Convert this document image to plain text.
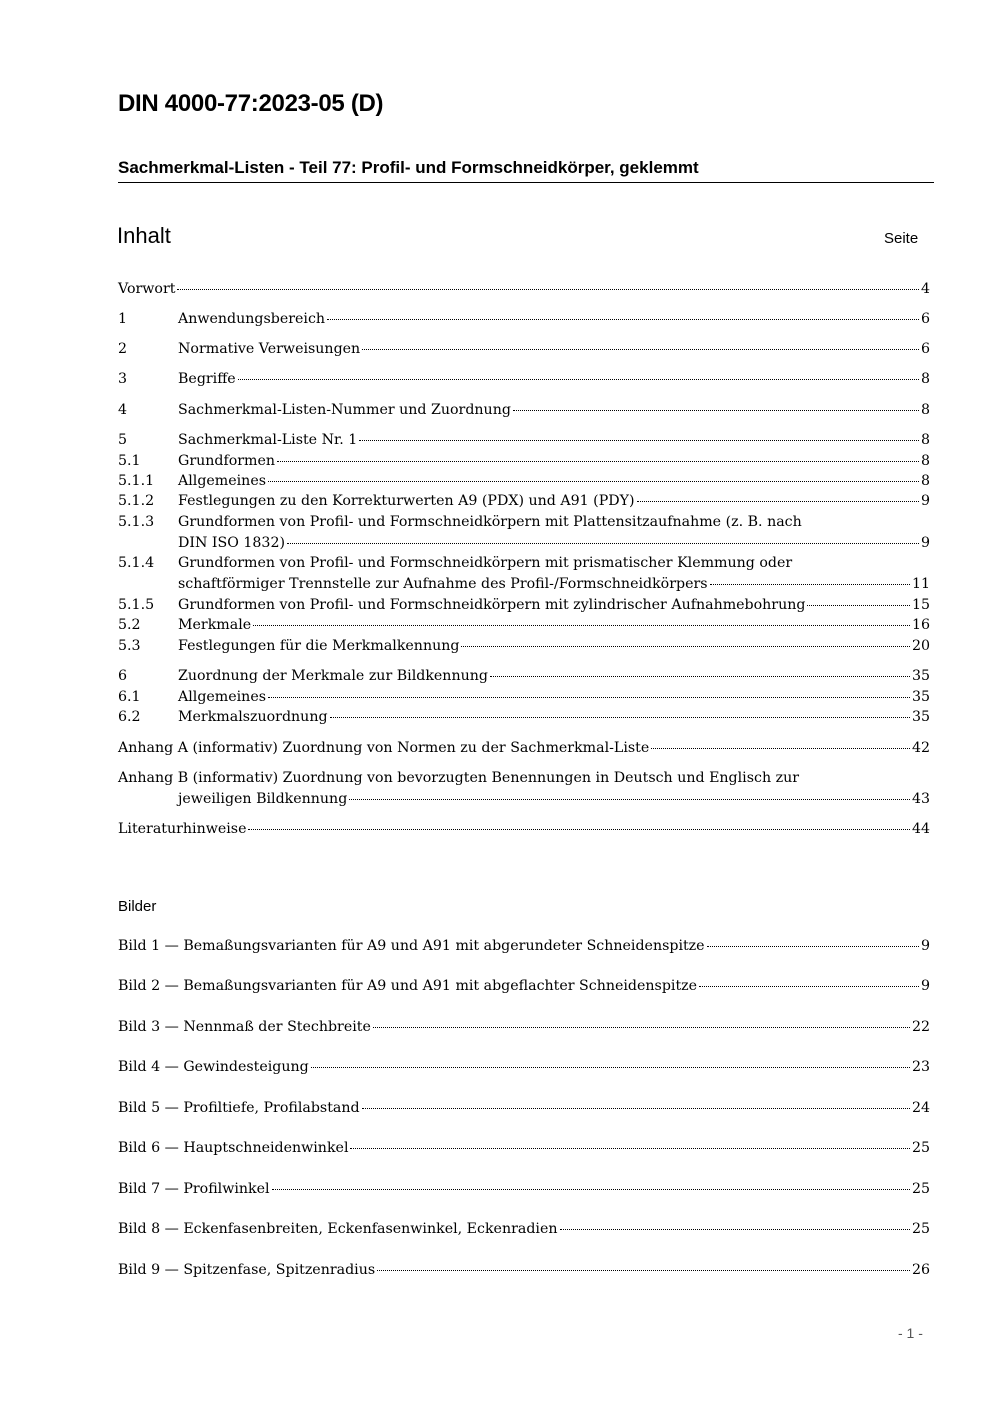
DIN 4000-77:2023-05 (D)
Sachmerkmal-Listen - Teil 77: Profil- und Formschneidkörper, geklemmt
Inhalt	Seite
Vorwort	4
1	Anwendungsbereich	6
2	Normative Verweisungen	6
3	Begriffe	8
4	Sachmerkmal-Listen-Nummer und Zuordnung	8
5	Sachmerkmal-Liste Nr. 1	8
5.1	Grundformen	8
5.1.1	Allgemeines	8
5.1.2	Festlegungen zu den Korrekturwerten A9 (PDX) und A91 (PDY)	9
5.1.3	Grundformen von Profil- und Formschneidkörpern mit Plattensitzaufnahme (z. B. nach
DIN ISO 1832)	9
5.1.4	Grundformen von Profil- und Formschneidkörpern mit prismatischer Klemmung oder
schaftförmiger Trennstelle zur Aufnahme des Profil-/Formschneidkörpers	11
5.1.5	Grundformen von Profil- und Formschneidkörpern mit zylindrischer Aufnahmebohrung	15
5.2	Merkmale	16
5.3	Festlegungen für die Merkmalkennung	20
6	Zuordnung der Merkmale zur Bildkennung	35
6.1	Allgemeines	35
6.2	Merkmalszuordnung	35
Anhang A (informativ) Zuordnung von Normen zu der Sachmerkmal-Liste	42
Anhang B (informativ) Zuordnung von bevorzugten Benennungen in Deutsch und Englisch zur
jeweiligen Bildkennung	43
Literaturhinweise	44
Bilder
Bild 1 — Bemaßungsvarianten für A9 und A91 mit abgerundeter Schneidenspitze	9
Bild 2 — Bemaßungsvarianten für A9 und A91 mit abgeflachter Schneidenspitze	9
Bild 3 — Nennmaß der Stechbreite	22
Bild 4 — Gewindesteigung	23
Bild 5 — Profiltiefe, Profilabstand	24
Bild 6 — Hauptschneidenwinkel	25
Bild 7 — Profilwinkel	25
Bild 8 — Eckenfasenbreiten, Eckenfasenwinkel, Eckenradien	25
Bild 9 — Spitzenfase, Spitzenradius	26
- 1 -
